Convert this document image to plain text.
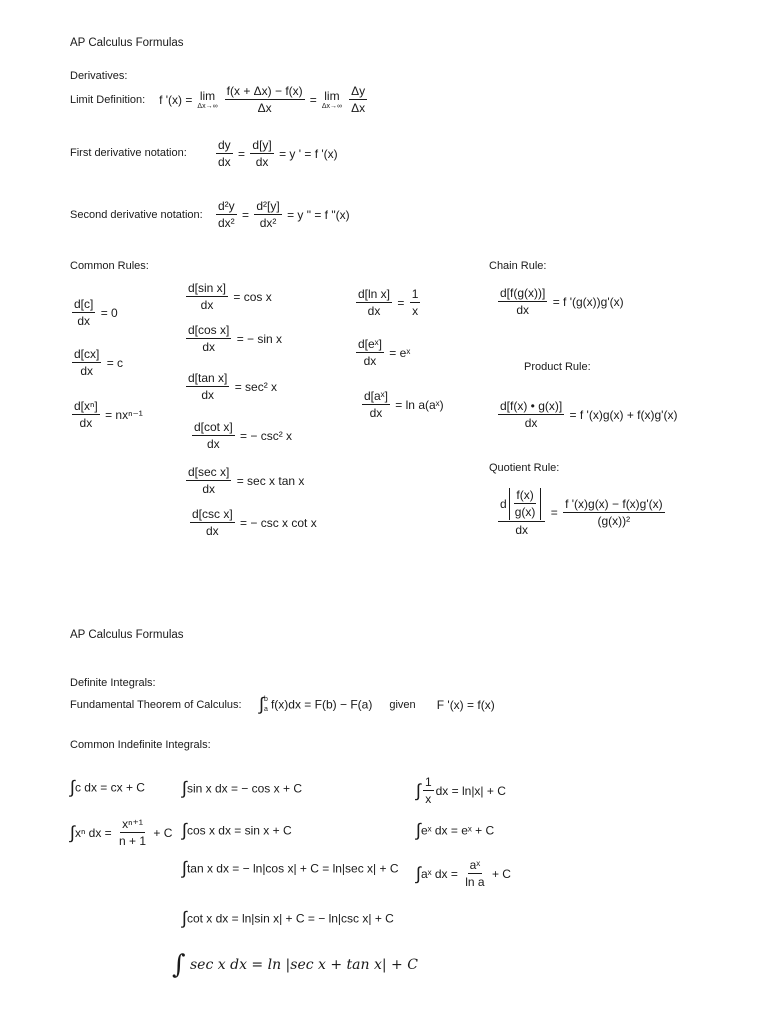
AP Calculus Formulas
Derivatives:
Limit Definition: f '(x) = lim
Δx→∞
$\frac{f(x + \Delta x) - f(x)}{\Delta x} = \lim$
Δx→∞
$\frac{\Delta y}{\Delta x}$
First derivative notation: $\frac{dy}{dx} = \frac{d[y]}{dx} = y$ ' = f '(x)
Second derivative notation: $\frac{\text{d²y}}{\text{dx²}} = \frac{\text{d²[y]}}{\text{dx²}} = y$ " = f "(x)
Common Rules:
$\frac{d[c]}{dx} = 0$
$\frac{d[cx]}{dx} = c$
$\frac{\text{d[xⁿ]}}{dx} = nx^{n-1}$
$\frac{\text{d[sin x]}}{dx} = \cos x$
$\frac{\text{d[cos x]}}{dx}$ = − sin x
$\frac{\text{d[tan x]}}{dx} = \sec^2$ x
$\frac{\text{d[cot x]}}{dx}$ = − csc² x
$\frac{\text{d[sec x]}}{dx} = \sec x$ tan x
$\frac{\text{d[csc x]}}{dx}$ = − csc x cot x
$\frac{\text{d[ln x]}}{dx} = \frac{1}{x}$
$\frac{\text{d[eˣ]}}{dx}$ = eˣ
$\frac{\text{d[aˣ]}}{dx} = \ln$ a(aˣ)
Chain Rule:
$\frac{d[f(g(x))]}{dx} = f$ '(g(x))g'(x)
Product Rule:
$\frac{d[f(x) • g(x)]}{dx} = f$ '(x)g(x) + f(x)g'(x)
Quotient Rule:
$\frac{d \frac{f(x)}{g(x)}}{dx} = \frac{f '(x)g(x) - f(x)g'(x)}{\text{(g(x))²}}$
AP Calculus Formulas
Definite Integrals:
Fundamental Theorem of Calculus: ∫ b
a f(x)dx = F(b) − F(a) given F '(x) = f(x)
Common Indefinite Integrals:
∫c dx = cx + C
∫xⁿ dx = $\frac{\text{xⁿ⁺¹}}{n + 1} + C$
∫sin x dx = − cos x + C
∫cos x dx = sin x + C
∫tan x dx = − ln|cos x| + C = ln|sec x| + C
∫cot x dx = ln|sin x| + C = − ln|csc x| + C
∫ sec x dx = ln |sec x + tan x| + C
∫ $\frac{1}{x}$ dx = ln|x| + C
∫eˣ dx = eˣ + C
∫aˣ dx = $\frac{\text{aˣ}}{\text{ln a}} + C$
